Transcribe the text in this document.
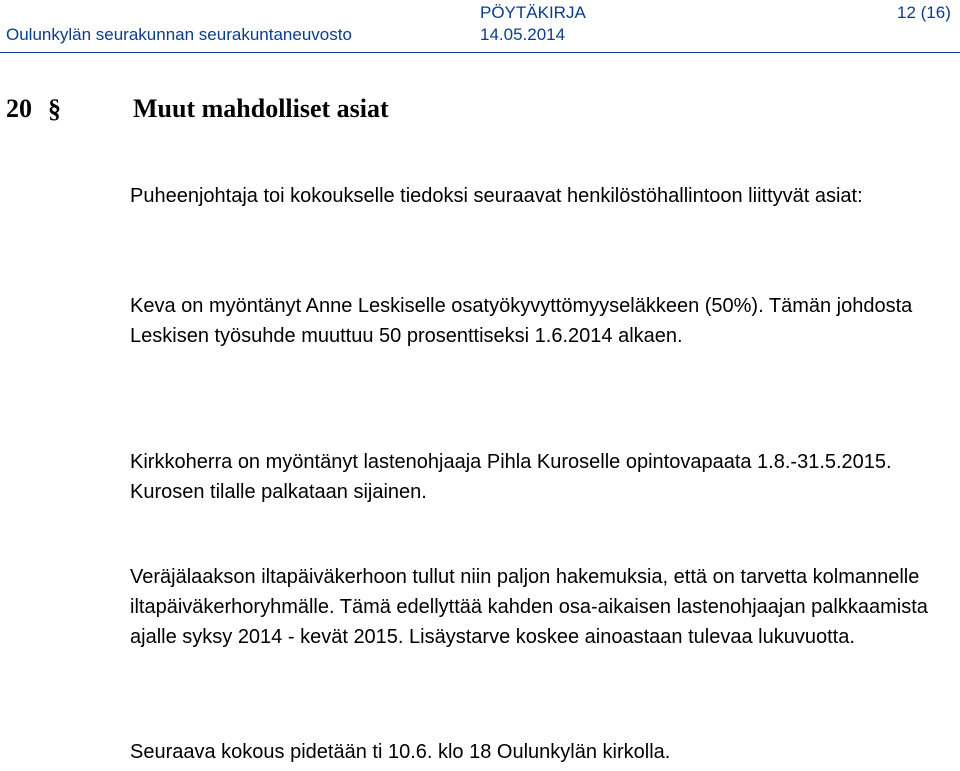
Oulunkylän seurakunnan seurakuntaneuvosto
PÖYTÄKIRJA
14.05.2014
12 (16)
20 §	Muut mahdolliset asiat

Puheenjohtaja toi kokoukselle tiedoksi seuraavat henkilöstöhallintoon liittyvät asiat:

Keva on myöntänyt Anne Leskiselle osatyökyvyttömyyseläkkeen (50%). Tämän johdosta Leskisen työsuhde muuttuu 50 prosenttiseksi 1.6.2014 alkaen.

Kirkkoherra on myöntänyt lastenohjaaja Pihla Kuroselle opintovapaata 1.8.-31.5.2015. Kurosen tilalle palkataan sijainen.

Veräjälaakson iltapäiväkerhoon tullut niin paljon hakemuksia, että on tarvetta kolmannelle iltapäiväkerhoryhmälle. Tämä edellyttää kahden osa-aikaisen lastenohjaajan palkkaamista ajalle syksy 2014 - kevät 2015. Lisäystarve koskee ainoastaan tulevaa lukuvuotta.

Seuraava kokous pidetään ti 10.6. klo 18 Oulunkylän kirkolla.
